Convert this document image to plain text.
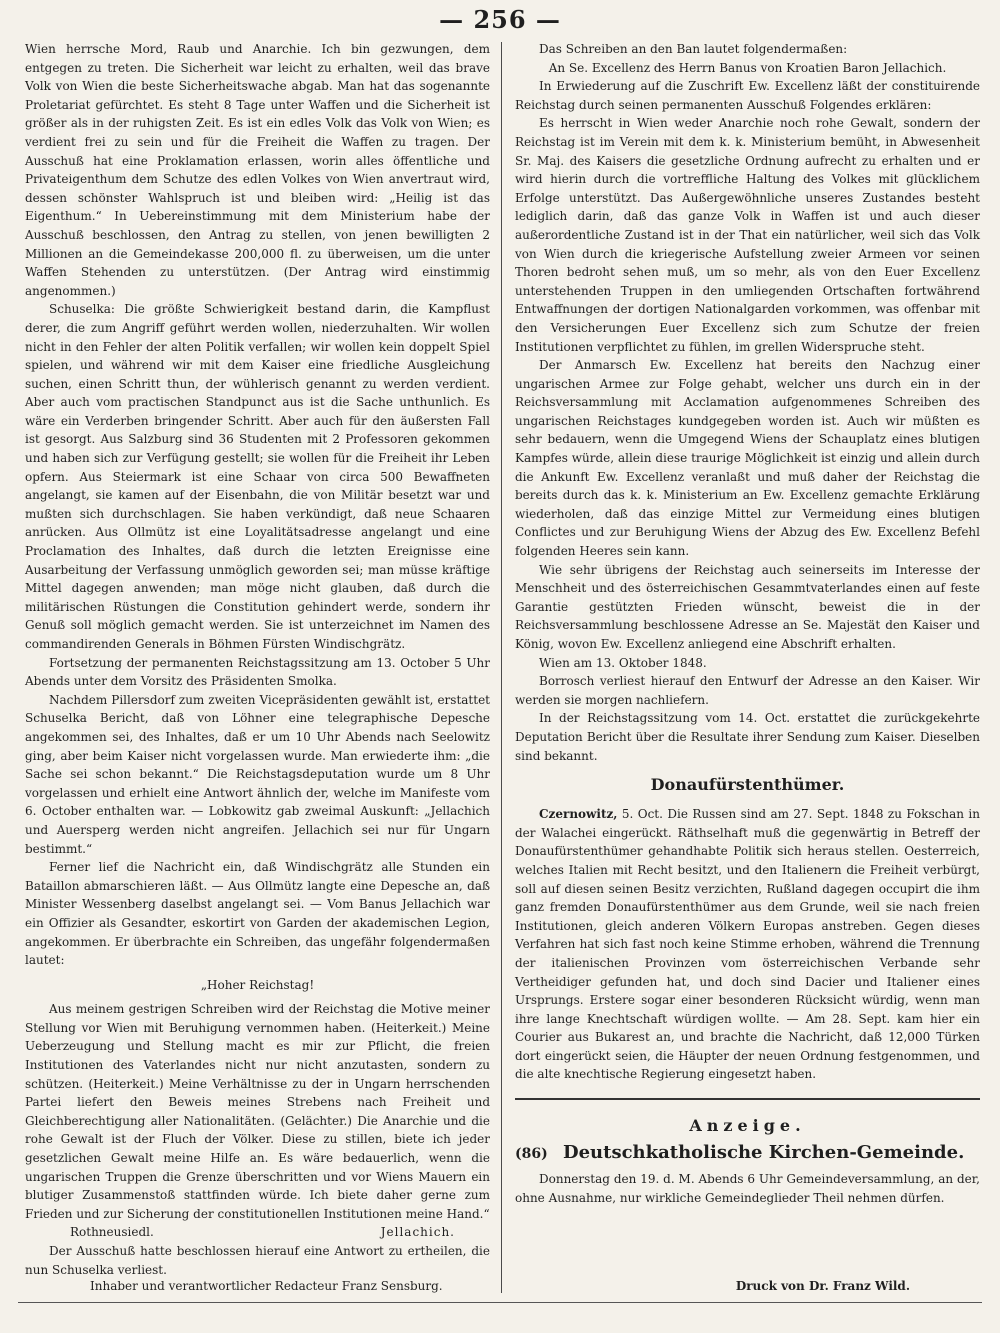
— 256 —

Wien herrsche Mord, Raub und Anarchie. Ich bin gezwungen, dem entgegen zu treten. Die Sicherheit war leicht zu erhalten, weil das brave Volk von Wien die beste Sicherheitswache abgab. Man hat das sogenannte Proletariat gefürchtet. Es steht 8 Tage unter Waffen und die Sicherheit ist größer als in der ruhigsten Zeit. Es ist ein edles Volk das Volk von Wien; es verdient frei zu sein und für die Freiheit die Waffen zu tragen. Der Ausschuß hat eine Proklamation erlassen, worin alles öffentliche und Privateigenthum dem Schutze des edlen Volkes von Wien anvertraut wird, dessen schönster Wahlspruch ist und bleiben wird: „Heilig ist das Eigenthum.“ In Uebereinstimmung mit dem Ministerium habe der Ausschuß beschlossen, den Antrag zu stellen, von jenen bewilligten 2 Millionen an die Gemeindekasse 200,000 fl. zu überweisen, um die unter Waffen Stehenden zu unterstützen. (Der Antrag wird einstimmig angenommen.)

Schuselka: Die größte Schwierigkeit bestand darin, die Kampflust derer, die zum Angriff geführt werden wollen, niederzuhalten. Wir wollen nicht in den Fehler der alten Politik verfallen; wir wollen kein doppelt Spiel spielen, und während wir mit dem Kaiser eine friedliche Ausgleichung suchen, einen Schritt thun, der wühlerisch genannt zu werden verdient. Aber auch vom practischen Standpunct aus ist die Sache unthunlich. Es wäre ein Verderben bringender Schritt. Aber auch für den äußersten Fall ist gesorgt. Aus Salzburg sind 36 Studenten mit 2 Professoren gekommen und haben sich zur Verfügung gestellt; sie wollen für die Freiheit ihr Leben opfern. Aus Steiermark ist eine Schaar von circa 500 Bewaffneten angelangt, sie kamen auf der Eisenbahn, die von Militär besetzt war und mußten sich durchschlagen. Sie haben verkündigt, daß neue Schaaren anrücken. Aus Ollmütz ist eine Loyalitätsadresse angelangt und eine Proclamation des Inhaltes, daß durch die letzten Ereignisse eine Ausarbeitung der Verfassung unmöglich geworden sei; man müsse kräftige Mittel dagegen anwenden; man möge nicht glauben, daß durch die militärischen Rüstungen die Constitution gehindert werde, sondern ihr Genuß soll möglich gemacht werden. Sie ist unterzeichnet im Namen des commandirenden Generals in Böhmen Fürsten Windischgrätz.

Fortsetzung der permanenten Reichstagssitzung am 13. October 5 Uhr Abends unter dem Vorsitz des Präsidenten Smolka.

Nachdem Pillersdorf zum zweiten Vicepräsidenten gewählt ist, erstattet Schuselka Bericht, daß von Löhner eine telegraphische Depesche angekommen sei, des Inhaltes, daß er um 10 Uhr Abends nach Seelowitz ging, aber beim Kaiser nicht vorgelassen wurde. Man erwiederte ihm: „die Sache sei schon bekannt.“ Die Reichstagsdeputation wurde um 8 Uhr vorgelassen und erhielt eine Antwort ähnlich der, welche im Manifeste vom 6. October enthalten war. — Lobkowitz gab zweimal Auskunft: „Jellachich und Auersperg werden nicht angreifen. Jellachich sei nur für Ungarn bestimmt.“

Ferner lief die Nachricht ein, daß Windischgrätz alle Stunden ein Bataillon abmarschieren läßt. — Aus Ollmütz langte eine Depesche an, daß Minister Wessenberg daselbst angelangt sei. — Vom Banus Jellachich war ein Offizier als Gesandter, eskortirt von Garden der akademischen Legion, angekommen. Er überbrachte ein Schreiben, das ungefähr folgendermaßen lautet:

„Hoher Reichstag!

Aus meinem gestrigen Schreiben wird der Reichstag die Motive meiner Stellung vor Wien mit Beruhigung vernommen haben. (Heiterkeit.) Meine Ueberzeugung und Stellung macht es mir zur Pflicht, die freien Institutionen des Vaterlandes nicht nur nicht anzutasten, sondern zu schützen. (Heiterkeit.) Meine Verhältnisse zu der in Ungarn herrschenden Partei liefert den Beweis meines Strebens nach Freiheit und Gleichberechtigung aller Nationalitäten. (Gelächter.) Die Anarchie und die rohe Gewalt ist der Fluch der Völker. Diese zu stillen, biete ich jeder gesetzlichen Gewalt meine Hilfe an. Es wäre bedauerlich, wenn die ungarischen Truppen die Grenze überschritten und vor Wiens Mauern ein blutiger Zusammenstoß stattfinden würde. Ich biete daher gerne zum Frieden und zur Sicherung der constitutionellen Institutionen meine Hand.“

Rothneusiedl.	Jellachich.

Der Ausschuß hatte beschlossen hierauf eine Antwort zu ertheilen, die nun Schuselka verliest.

Das Schreiben an den Ban lautet folgendermaßen:

An Se. Excellenz des Herrn Banus von Kroatien Baron Jellachich.

In Erwiederung auf die Zuschrift Ew. Excellenz läßt der constituirende Reichstag durch seinen permanenten Ausschuß Folgendes erklären:

Es herrscht in Wien weder Anarchie noch rohe Gewalt, sondern der Reichstag ist im Verein mit dem k. k. Ministerium bemüht, in Abwesenheit Sr. Maj. des Kaisers die gesetzliche Ordnung aufrecht zu erhalten und er wird hierin durch die vortreffliche Haltung des Volkes mit glücklichem Erfolge unterstützt. Das Außergewöhnliche unseres Zustandes besteht lediglich darin, daß das ganze Volk in Waffen ist und auch dieser außerordentliche Zustand ist in der That ein natürlicher, weil sich das Volk von Wien durch die kriegerische Aufstellung zweier Armeen vor seinen Thoren bedroht sehen muß, um so mehr, als von den Euer Excellenz unterstehenden Truppen in den umliegenden Ortschaften fortwährend Entwaffnungen der dortigen Nationalgarden vorkommen, was offenbar mit den Versicherungen Euer Excellenz sich zum Schutze der freien Institutionen verpflichtet zu fühlen, im grellen Widerspruche steht.

Der Anmarsch Ew. Excellenz hat bereits den Nachzug einer ungarischen Armee zur Folge gehabt, welcher uns durch ein in der Reichsversammlung mit Acclamation aufgenommenes Schreiben des ungarischen Reichstages kundgegeben worden ist. Auch wir müßten es sehr bedauern, wenn die Umgegend Wiens der Schauplatz eines blutigen Kampfes würde, allein diese traurige Möglichkeit ist einzig und allein durch die Ankunft Ew. Excellenz veranlaßt und muß daher der Reichstag die bereits durch das k. k. Ministerium an Ew. Excellenz gemachte Erklärung wiederholen, daß das einzige Mittel zur Vermeidung eines blutigen Conflictes und zur Beruhigung Wiens der Abzug des Ew. Excellenz Befehl folgenden Heeres sein kann.

Wie sehr übrigens der Reichstag auch seinerseits im Interesse der Menschheit und des österreichischen Gesammtvaterlandes einen auf feste Garantie gestützten Frieden wünscht, beweist die in der Reichsversammlung beschlossene Adresse an Se. Majestät den Kaiser und König, wovon Ew. Excellenz anliegend eine Abschrift erhalten.

Wien am 13. Oktober 1848.

Borrosch verliest hierauf den Entwurf der Adresse an den Kaiser. Wir werden sie morgen nachliefern.

In der Reichstagssitzung vom 14. Oct. erstattet die zurückgekehrte Deputation Bericht über die Resultate ihrer Sendung zum Kaiser. Dieselben sind bekannt.

Donaufürstenthümer.

Czernowitz, 5. Oct. Die Russen sind am 27. Sept. 1848 zu Fokschan in der Walachei eingerückt. Räthselhaft muß die gegenwärtig in Betreff der Donaufürstenthümer gehandhabte Politik sich heraus stellen. Oesterreich, welches Italien mit Recht besitzt, und den Italienern die Freiheit verbürgt, soll auf diesen seinen Besitz verzichten, Rußland dagegen occupirt die ihm ganz fremden Donaufürstenthümer aus dem Grunde, weil sie nach freien Institutionen, gleich anderen Völkern Europas anstreben. Gegen dieses Verfahren hat sich fast noch keine Stimme erhoben, während die Trennung der italienischen Provinzen vom österreichischen Verbande sehr Vertheidiger gefunden hat, und doch sind Dacier und Italiener eines Ursprungs. Erstere sogar einer besonderen Rücksicht würdig, wenn man ihre lange Knechtschaft würdigen wollte. — Am 28. Sept. kam hier ein Courier aus Bukarest an, und brachte die Nachricht, daß 12,000 Türken dort eingerückt seien, die Häupter der neuen Ordnung festgenommen, und die alte knechtische Regierung eingesetzt haben.

Anzeige.
(86) Deutschkatholische Kirchen-Gemeinde.

Donnerstag den 19. d. M. Abends 6 Uhr Gemeindeversammlung, an der, ohne Ausnahme, nur wirkliche Gemeindeglieder Theil nehmen dürfen.

Inhaber und verantwortlicher Redacteur Franz Sensburg.	Druck von Dr. Franz Wild.
